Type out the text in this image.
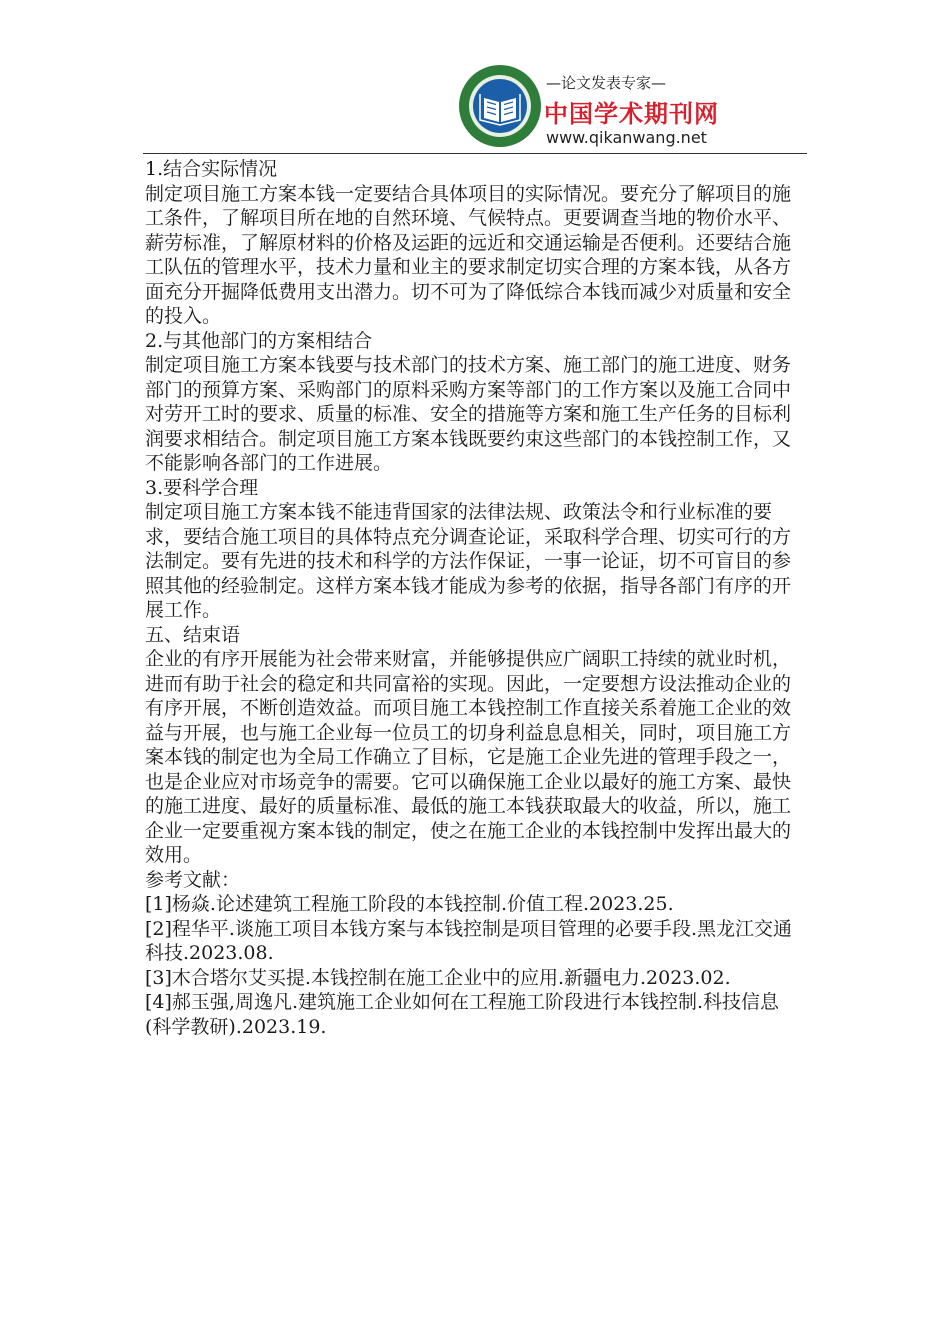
—论文发表专家—
中国学术期刊网
www.qikanwang.net

1.结合实际情况

制定项目施工方案本钱一定要结合具体项目的实际情况。要充分了解项目的施工条件，了解项目所在地的自然环境、气候特点。更要调查当地的物价水平、薪劳标准，了解原材料的价格及运距的远近和交通运输是否便利。还要结合施工队伍的管理水平，技术力量和业主的要求制定切实合理的方案本钱，从各方面充分开掘降低费用支出潜力。切不可为了降低综合本钱而减少对质量和安全的投入。

2.与其他部门的方案相结合

制定项目施工方案本钱要与技术部门的技术方案、施工部门的施工进度、财务部门的预算方案、采购部门的原料采购方案等部门的工作方案以及施工合同中对劳开工时的要求、质量的标准、安全的措施等方案和施工生产任务的目标利润要求相结合。制定项目施工方案本钱既要约束这些部门的本钱控制工作，又不能影响各部门的工作进展。

3.要科学合理

制定项目施工方案本钱不能违背国家的法律法规、政策法令和行业标准的要求，要结合施工项目的具体特点充分调查论证，采取科学合理、切实可行的方法制定。要有先进的技术和科学的方法作保证，一事一论证，切不可盲目的参照其他的经验制定。这样方案本钱才能成为参考的依据，指导各部门有序的开展工作。

五、结束语

企业的有序开展能为社会带来财富，并能够提供应广阔职工持续的就业时机，进而有助于社会的稳定和共同富裕的实现。因此，一定要想方设法推动企业的有序开展，不断创造效益。而项目施工本钱控制工作直接关系着施工企业的效益与开展，也与施工企业每一位员工的切身利益息息相关，同时，项目施工方案本钱的制定也为全局工作确立了目标，它是施工企业先进的管理手段之一，也是企业应对市场竞争的需要。它可以确保施工企业以最好的施工方案、最快的施工进度、最好的质量标准、最低的施工本钱获取最大的收益，所以，施工企业一定要重视方案本钱的制定，使之在施工企业的本钱控制中发挥出最大的效用。

参考文献：

[1]杨焱.论述建筑工程施工阶段的本钱控制.价值工程.2023.25.

[2]程华平.谈施工项目本钱方案与本钱控制是项目管理的必要手段.黑龙江交通科技.2023.08.

[3]木合塔尔艾买提.本钱控制在施工企业中的应用.新疆电力.2023.02.

[4]郝玉强,周逸凡.建筑施工企业如何在工程施工阶段进行本钱控制.科技信息(科学教研).2023.19.
